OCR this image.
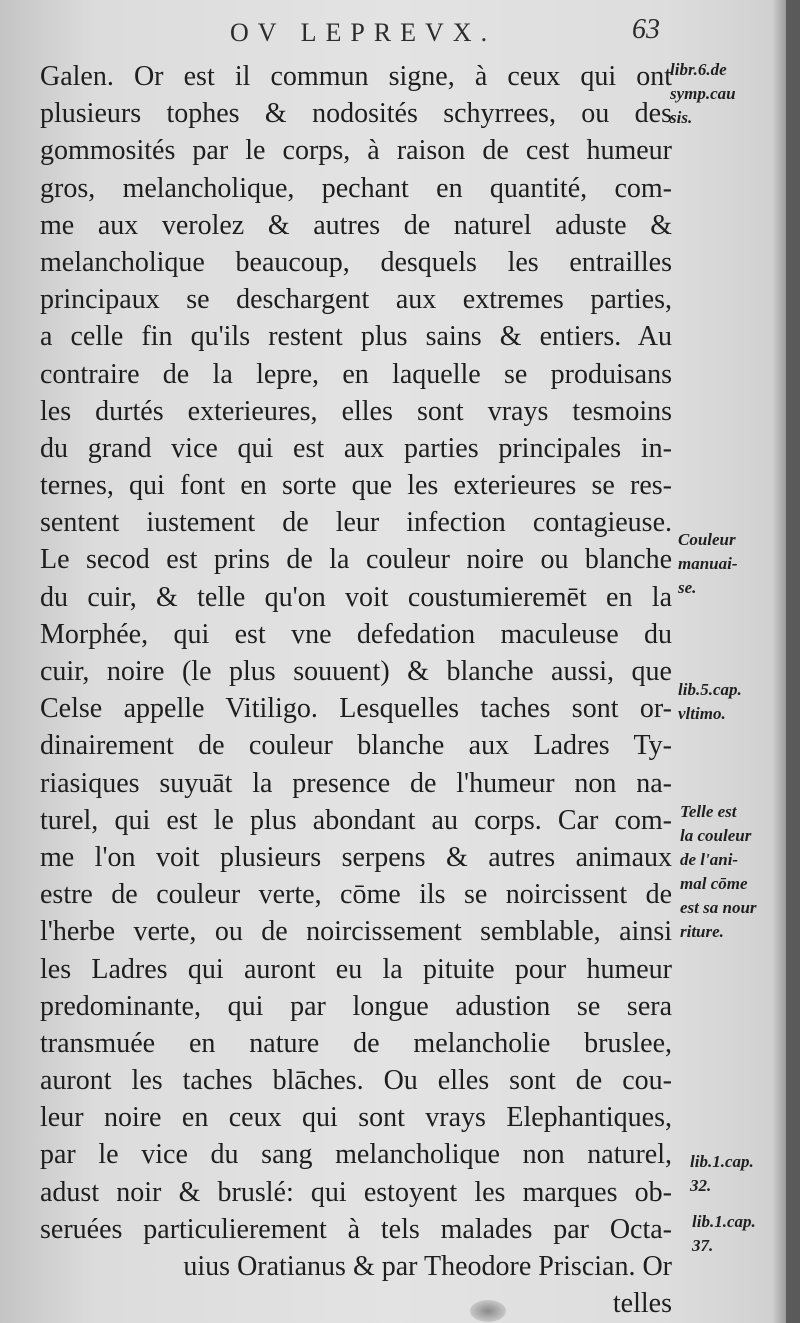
OV LEPREVX.	63
Galen. Or est il commun signe, à ceux qui ont
plusieurs tophes & nodosités schyrrees, ou des
gommosités par le corps, à raison de cest humeur
gros, melancholique, pechant en quantité, com-
me aux verolez & autres de naturel aduste &
melancholique beaucoup, desquels les entrailles
principaux se deschargent aux extremes parties,
a celle fin qu'ils restent plus sains & entiers. Au
contraire de la lepre, en laquelle se produisans
les durtés exterieures, elles sont vrays tesmoins
du grand vice qui est aux parties principales in-
ternes, qui font en sorte que les exterieures se res-
sentent iustement de leur infection contagieuse.
Le secod est prins de la couleur noire ou blanche
du cuir, & telle qu'on voit coustumieremēt en la
Morphée, qui est vne defedation maculeuse du
cuir, noire (le plus souuent) & blanche aussi, que
Celse appelle Vitiligo. Lesquelles taches sont or-
dinairement de couleur blanche aux Ladres Ty-
riasiques suyuāt la presence de l'humeur non na-
turel, qui est le plus abondant au corps. Car com-
me l'on voit plusieurs serpens & autres animaux
estre de couleur verte, cōme ils se noircissent de
l'herbe verte, ou de noircissement semblable, ainsi
les Ladres qui auront eu la pituite pour humeur
predominante, qui par longue adustion se sera
transmuée en nature de melancholie bruslee,
auront les taches blāches. Ou elles sont de cou-
leur noire en ceux qui sont vrays Elephantiques,
par le vice du sang melancholique non naturel,
adust noir & bruslé: qui estoyent les marques ob-
seruées particulierement à tels malades par Octa-
uius Oratianus & par Theodore Priscian. Or
telles
libr.6.de
symp.cau
sis.
Couleur
manuai-
se.
lib.5.cap.
vltimo.
Telle est
la couleur
de l'ani-
mal cōme
est sa nour
riture.
lib.1.cap.
32.
lib.1.cap.
37.
